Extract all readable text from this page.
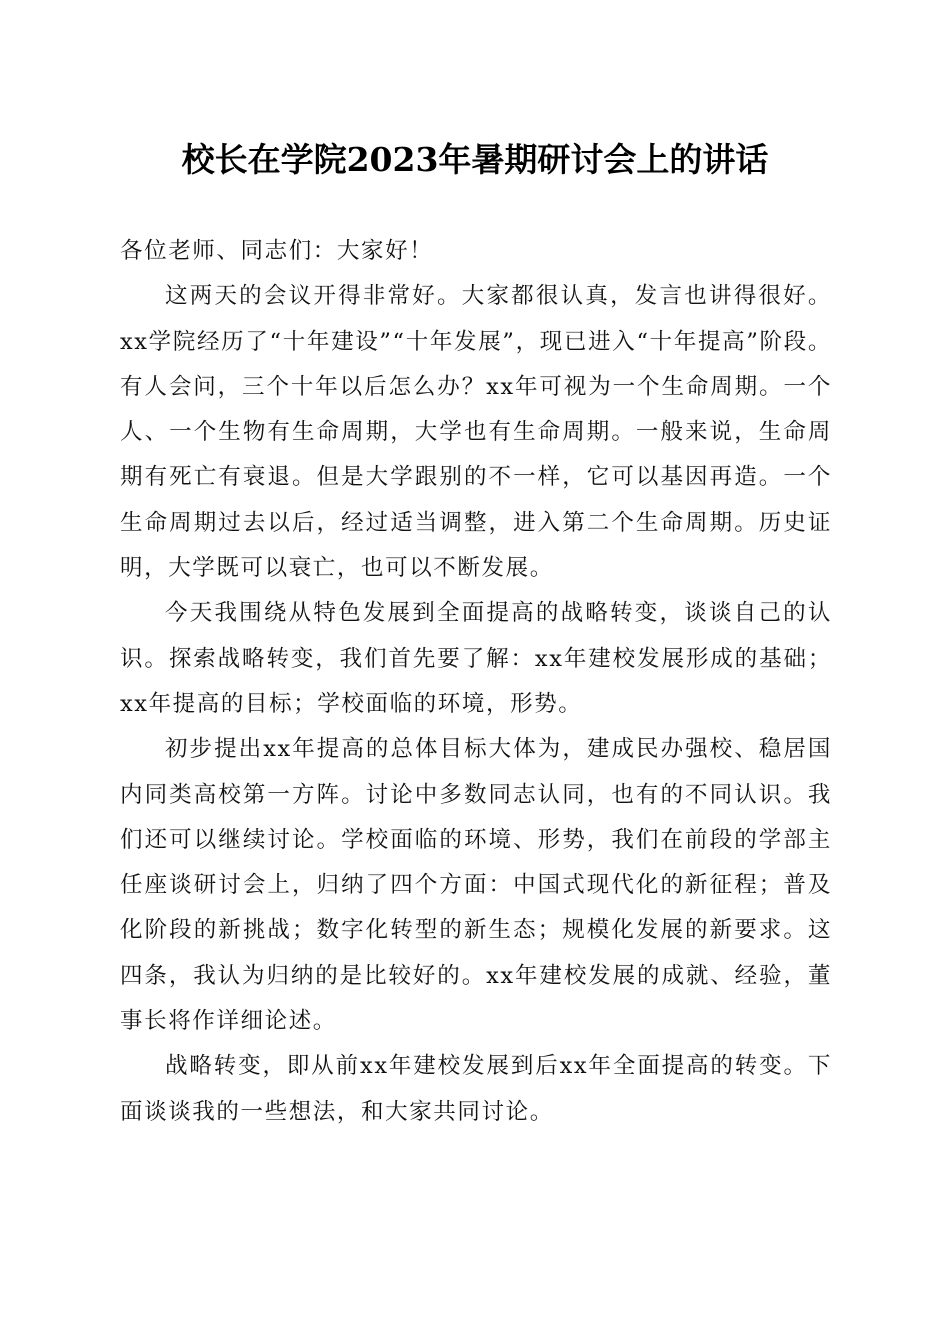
校长在学院2023年暑期研讨会上的讲话

各位老师、同志们：大家好！

这两天的会议开得非常好。大家都很认真，发言也讲得很好。xx学院经历了“十年建设”“十年发展”，现已进入“十年提高”阶段。有人会问，三个十年以后怎么办？xx年可视为一个生命周期。一个人、一个生物有生命周期，大学也有生命周期。一般来说，生命周期有死亡有衰退。但是大学跟别的不一样，它可以基因再造。一个生命周期过去以后，经过适当调整，进入第二个生命周期。历史证明，大学既可以衰亡，也可以不断发展。

今天我围绕从特色发展到全面提高的战略转变，谈谈自己的认识。探索战略转变，我们首先要了解：xx年建校发展形成的基础；xx年提高的目标；学校面临的环境，形势。

初步提出xx年提高的总体目标大体为，建成民办强校、稳居国内同类高校第一方阵。讨论中多数同志认同，也有的不同认识。我们还可以继续讨论。学校面临的环境、形势，我们在前段的学部主任座谈研讨会上，归纳了四个方面：中国式现代化的新征程；普及化阶段的新挑战；数字化转型的新生态；规模化发展的新要求。这四条，我认为归纳的是比较好的。xx年建校发展的成就、经验，董事长将作详细论述。

战略转变，即从前xx年建校发展到后xx年全面提高的转变。下面谈谈我的一些想法，和大家共同讨论。
